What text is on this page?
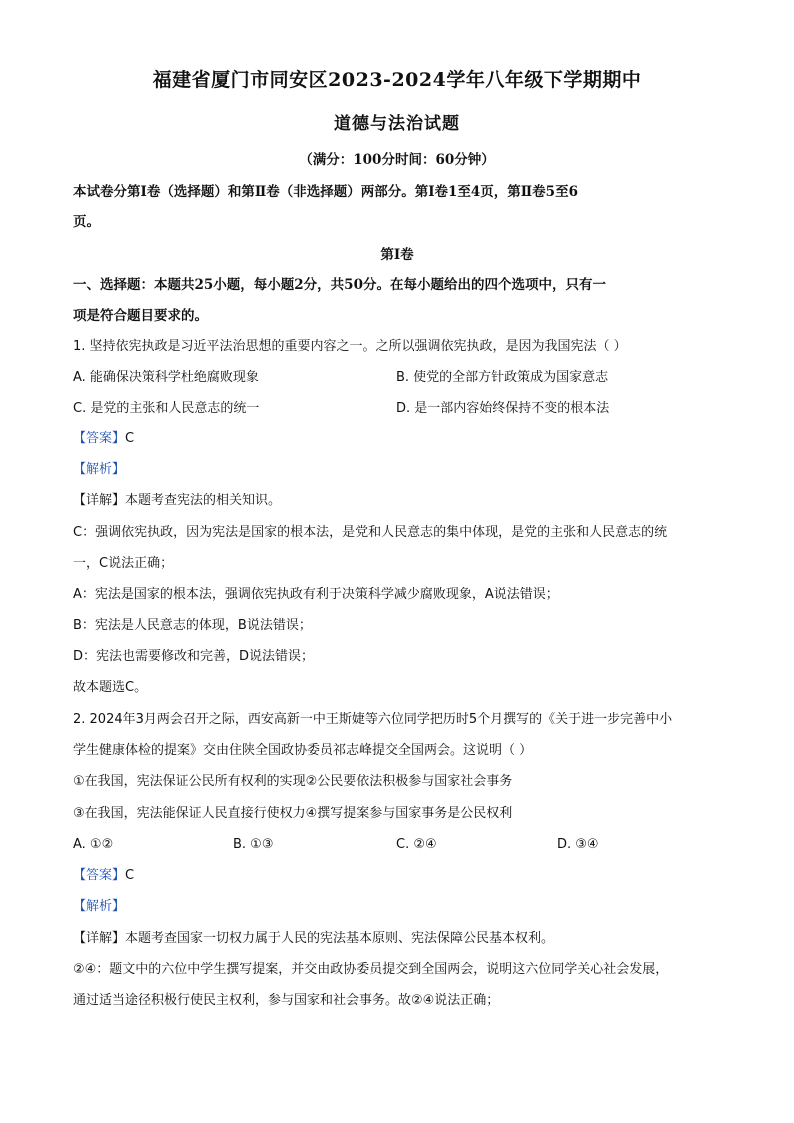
福建省厦门市同安区2023-2024学年八年级下学期期中
道德与法治试题
（满分：100分时间：60分钟）
本试卷分第Ⅰ卷（选择题）和第Ⅱ卷（非选择题）两部分。第Ⅰ卷1至4页，第Ⅱ卷5至6
页。
第Ⅰ卷
一、选择题：本题共25小题，每小题2分，共50分。在每小题给出的四个选项中，只有一
项是符合题目要求的。
1. 坚持依宪执政是习近平法治思想的重要内容之一。之所以强调依宪执政，是因为我国宪法（ ）
A. 能确保决策科学杜绝腐败现象	B. 使党的全部方针政策成为国家意志
C. 是党的主张和人民意志的统一	D. 是一部内容始终保持不变的根本法
【答案】C
【解析】
【详解】本题考查宪法的相关知识。
C：强调依宪执政，因为宪法是国家的根本法，是党和人民意志的集中体现，是党的主张和人民意志的统
一，C说法正确；
A：宪法是国家的根本法，强调依宪执政有利于决策科学减少腐败现象，A说法错误；
B：宪法是人民意志的体现，B说法错误；
D：宪法也需要修改和完善，D说法错误；
故本题选C。
2. 2024年3月两会召开之际，西安高新一中王斯婕等六位同学把历时5个月撰写的《关于进一步完善中小
学生健康体检的提案》交由住陕全国政协委员祁志峰提交全国两会。这说明（ ）
①在我国，宪法保证公民所有权利的实现②公民要依法积极参与国家社会事务
③在我国，宪法能保证人民直接行使权力④撰写提案参与国家事务是公民权利
A. ①②	B. ①③	C. ②④	D. ③④
【答案】C
【解析】
【详解】本题考查国家一切权力属于人民的宪法基本原则、宪法保障公民基本权利。
②④：题文中的六位中学生撰写提案，并交由政协委员提交到全国两会，说明这六位同学关心社会发展，
通过适当途径积极行使民主权利，参与国家和社会事务。故②④说法正确；
